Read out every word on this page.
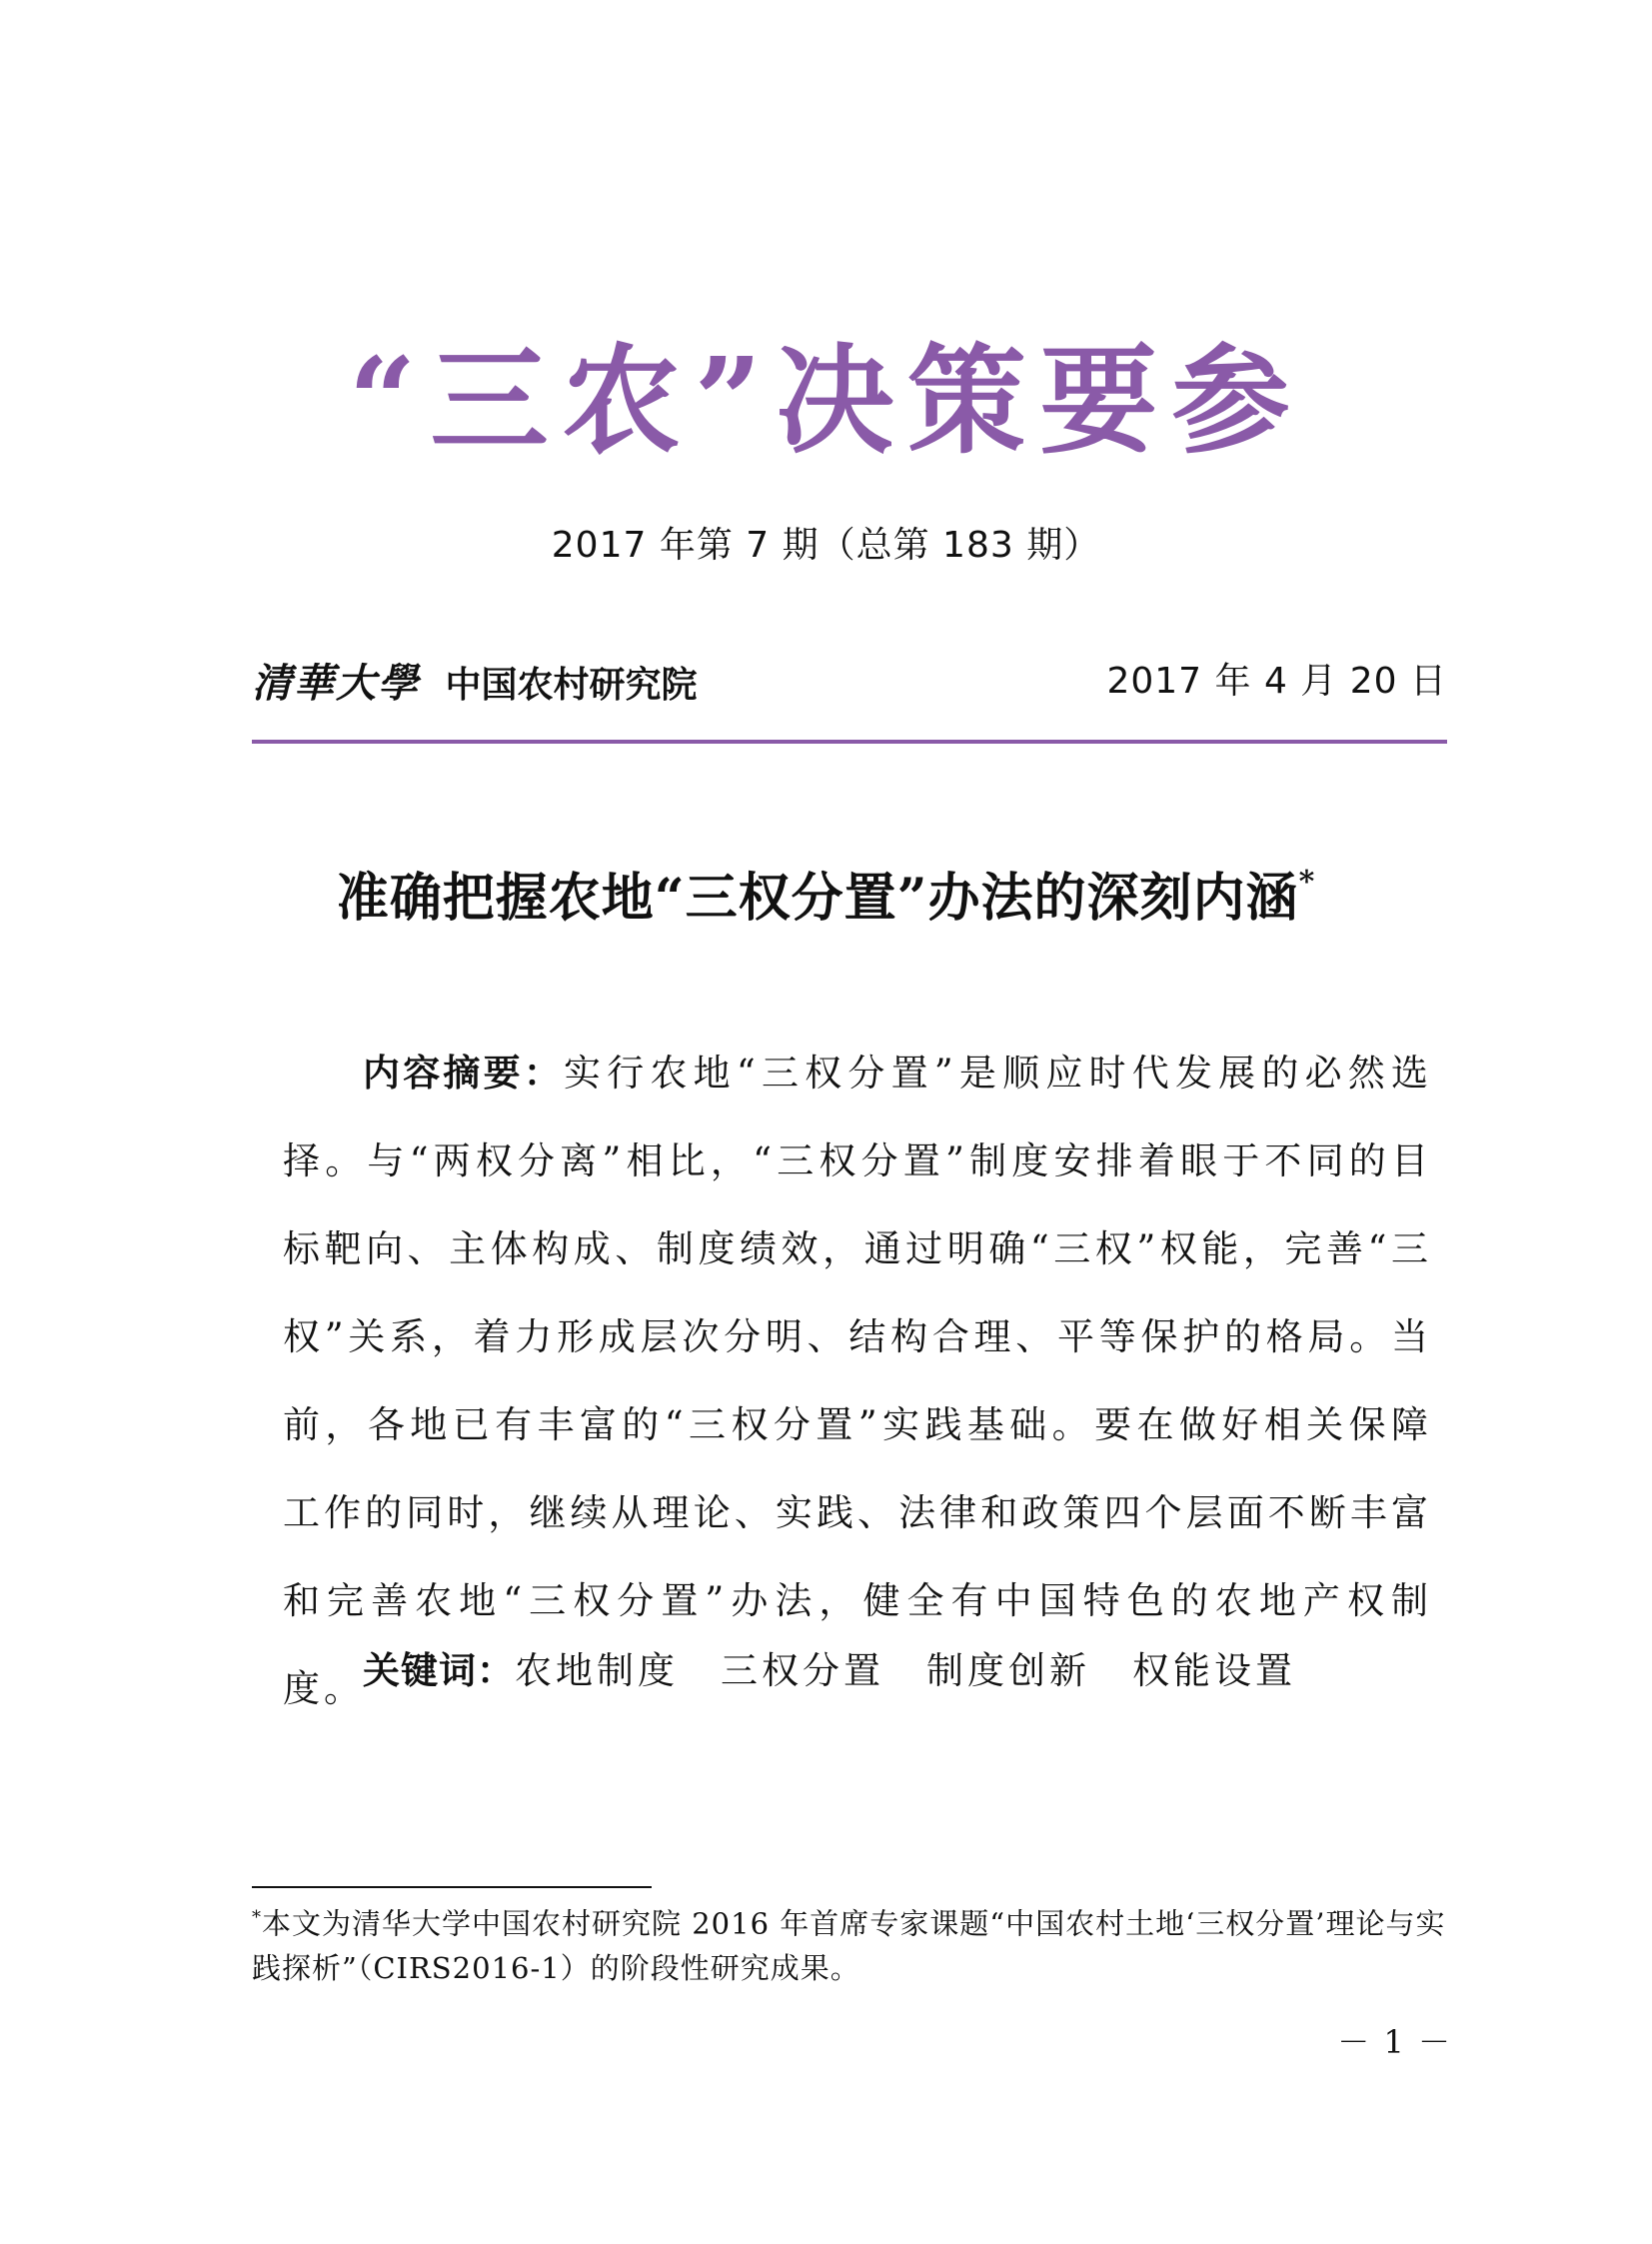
“三农”决策要参
2017 年第 7 期（总第 183 期）
清華大學 中国农村研究院	2017 年 4 月 20 日
准确把握农地“三权分置”办法的深刻内涵*
内容摘要：实行农地“三权分置”是顺应时代发展的必然选择。与“两权分离”相比，“三权分置”制度安排着眼于不同的目标靶向、主体构成、制度绩效，通过明确“三权”权能，完善“三权”关系，着力形成层次分明、结构合理、平等保护的格局。当前，各地已有丰富的“三权分置”实践基础。要在做好相关保障工作的同时，继续从理论、实践、法律和政策四个层面不断丰富和完善农地“三权分置”办法，健全有中国特色的农地产权制度。
关键词：农地制度 三权分置 制度创新 权能设置
*本文为清华大学中国农村研究院 2016 年首席专家课题“中国农村土地‘三权分置’理论与实践探析”（CIRS2016-1）的阶段性研究成果。
－ 1 －
